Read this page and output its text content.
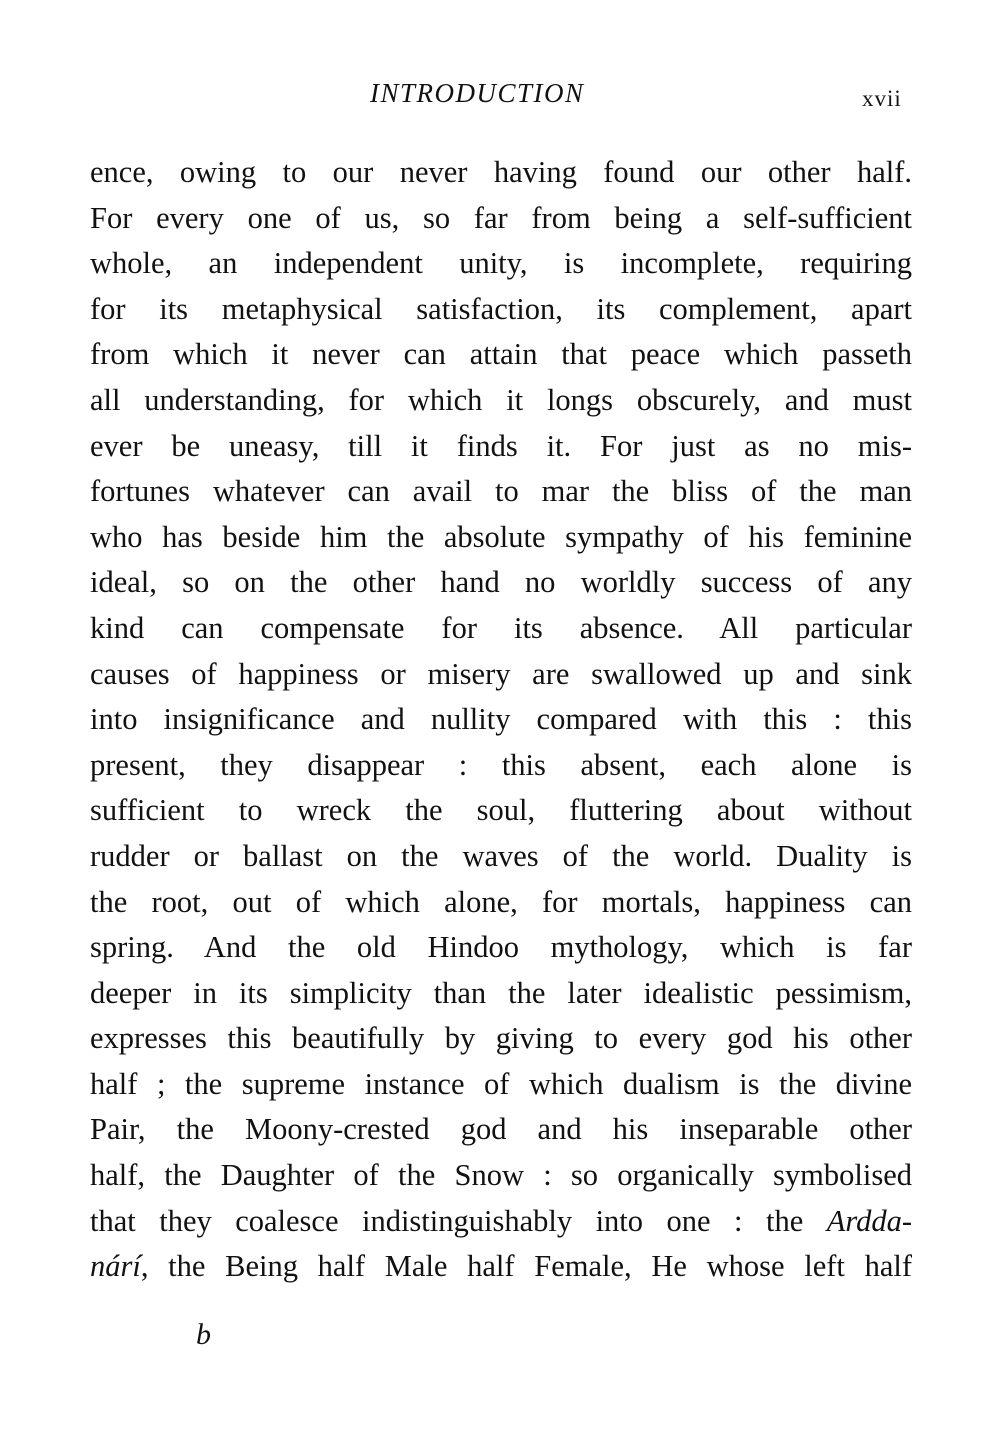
INTRODUCTION	xvii
ence, owing to our never having found our other half.
For every one of us, so far from being a self-sufficient
whole, an independent unity, is incomplete, requiring
for its metaphysical satisfaction, its complement, apart
from which it never can attain that peace which passeth
all understanding, for which it longs obscurely, and must
ever be uneasy, till it finds it. For just as no mis-
fortunes whatever can avail to mar the bliss of the man
who has beside him the absolute sympathy of his feminine
ideal, so on the other hand no worldly success of any
kind can compensate for its absence. All particular
causes of happiness or misery are swallowed up and sink
into insignificance and nullity compared with this : this
present, they disappear : this absent, each alone is
sufficient to wreck the soul, fluttering about without
rudder or ballast on the waves of the world. Duality is
the root, out of which alone, for mortals, happiness can
spring. And the old Hindoo mythology, which is far
deeper in its simplicity than the later idealistic pessimism,
expresses this beautifully by giving to every god his other
half ; the supreme instance of which dualism is the divine
Pair, the Moony-crested god and his inseparable other
half, the Daughter of the Snow : so organically symbolised
that they coalesce indistinguishably into one : the Ardda-
nárí, the Being half Male half Female, He whose left half
b
